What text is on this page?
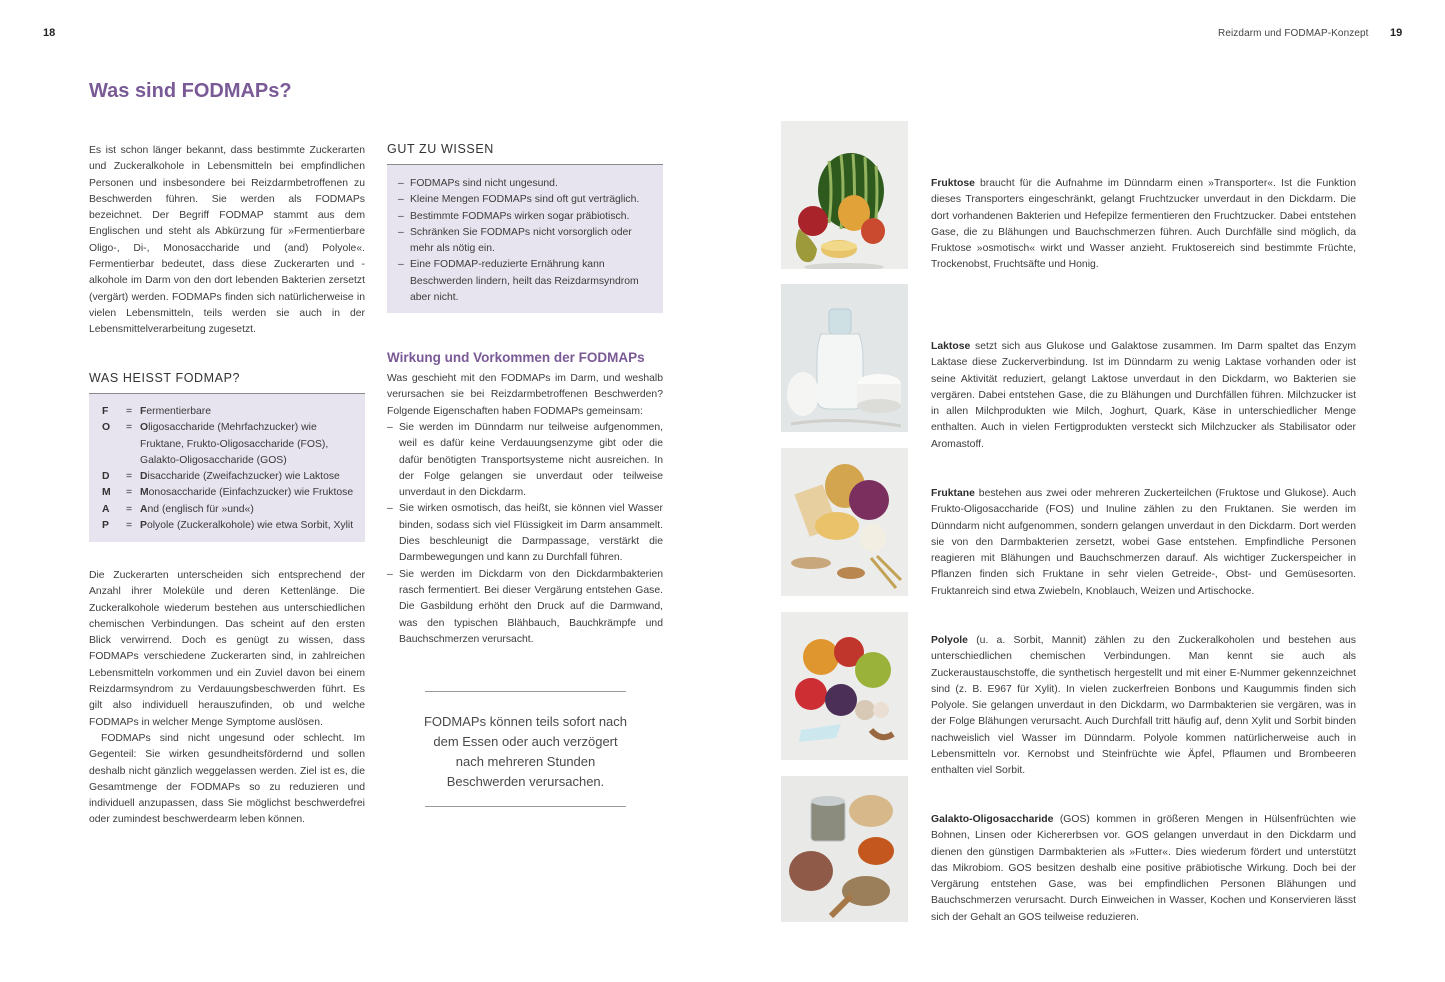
18	Reizdarm und FODMAP-Konzept 19
Was sind FODMAPs?
Es ist schon länger bekannt, dass bestimmte Zuckerarten und Zuckeralkohole in Lebensmitteln bei empfindlichen Personen und insbesondere bei Reizdarmbetroffenen zu Beschwerden führen. Sie werden als FODMAPs bezeichnet. Der Begriff FODMAP stammt aus dem Englischen und steht als Abkürzung für »Fermentierbare Oligo-, Di-, Monosaccharide und (and) Polyole«. Fermentierbar bedeutet, dass diese Zuckerarten und -alkohole im Darm von den dort lebenden Bakterien zersetzt (vergärt) werden. FODMAPs finden sich natürlicherweise in vielen Lebensmitteln, teils werden sie auch in der Lebensmittelverarbeitung zugesetzt.
WAS HEISST FODMAP?
F	= Fermentierbare
O	= Oligosaccharide (Mehrfachzucker) wie
Fruktane, Frukto-Oligosaccharide (FOS),
Galakto-Oligosaccharide (GOS)
D	= Disaccharide (Zweifachzucker) wie Laktose
M	= Monosaccharide (Einfachzucker) wie Fruktose
A	= And (englisch für »und«)
P	= Polyole (Zuckeralkohole) wie etwa Sorbit, Xylit
Die Zuckerarten unterscheiden sich entsprechend der Anzahl ihrer Moleküle und deren Kettenlänge. Die Zuckeralkohole wiederum bestehen aus unterschiedlichen chemischen Verbindungen. Das scheint auf den ersten Blick verwirrend. Doch es genügt zu wissen, dass FODMAPs verschiedene Zuckerarten sind, in zahlreichen Lebensmitteln vorkommen und ein Zuviel davon bei einem Reizdarmsyndrom zu Verdauungsbeschwerden führt. Es gilt also individuell herauszufinden, ob und welche FODMAPs in welcher Menge Symptome auslösen.
FODMAPs sind nicht ungesund oder schlecht. Im Gegenteil: Sie wirken gesundheitsfördernd und sollen deshalb nicht gänzlich weggelassen werden. Ziel ist es, die Gesamtmenge der FODMAPs so zu reduzieren und individuell anzupassen, dass Sie möglichst beschwerdefrei oder zumindest beschwerdearm leben können.
GUT ZU WISSEN
– FODMAPs sind nicht ungesund.
– Kleine Mengen FODMAPs sind oft gut verträglich.
– Bestimmte FODMAPs wirken sogar präbiotisch.
– Schränken Sie FODMAPs nicht vorsorglich oder mehr als nötig ein.
– Eine FODMAP-reduzierte Ernährung kann Beschwerden lindern, heilt das Reizdarmsyndrom aber nicht.
Wirkung und Vorkommen der FODMAPs
Was geschieht mit den FODMAPs im Darm, und weshalb verursachen sie bei Reizdarmbetroffenen Beschwerden? Folgende Eigenschaften haben FODMAPs gemeinsam:
– Sie werden im Dünndarm nur teilweise aufgenommen, weil es dafür keine Verdauungsenzyme gibt oder die dafür benötigten Transportsysteme nicht ausreichen. In der Folge gelangen sie unverdaut oder teilweise unverdaut in den Dickdarm.
– Sie wirken osmotisch, das heißt, sie können viel Wasser binden, sodass sich viel Flüssigkeit im Darm ansammelt. Dies beschleunigt die Darmpassage, verstärkt die Darmbewegungen und kann zu Durchfall führen.
– Sie werden im Dickdarm von den Dickdarmbakterien rasch fermentiert. Bei dieser Vergärung entstehen Gase. Die Gasbildung erhöht den Druck auf die Darmwand, was den typischen Blähbauch, Bauchkrämpfe und Bauchschmerzen verursacht.
FODMAPs können teils sofort nach dem Essen oder auch verzögert nach mehreren Stunden Beschwerden verursachen.
Fruktose braucht für die Aufnahme im Dünndarm einen »Transporter«. Ist die Funktion dieses Transporters eingeschränkt, gelangt Fruchtzucker unverdaut in den Dickdarm. Die dort vorhandenen Bakterien und Hefepilze fermentieren den Fruchtzucker. Dabei entstehen Gase, die zu Blähungen und Bauchschmerzen führen. Auch Durchfälle sind möglich, da Fruktose »osmotisch« wirkt und Wasser anzieht. Fruktosereich sind bestimmte Früchte, Trockenobst, Fruchtsäfte und Honig.
Laktose setzt sich aus Glukose und Galaktose zusammen. Im Darm spaltet das Enzym Laktase diese Zuckerverbindung. Ist im Dünndarm zu wenig Laktase vorhanden oder ist seine Aktivität reduziert, gelangt Laktose unverdaut in den Dickdarm, wo Bakterien sie vergären. Dabei entstehen Gase, die zu Blähungen und Durchfällen führen. Milchzucker ist in allen Milchprodukten wie Milch, Joghurt, Quark, Käse in unterschiedlicher Menge enthalten. Auch in vielen Fertigprodukten versteckt sich Milchzucker als Stabilisator oder Aromastoff.
Fruktane bestehen aus zwei oder mehreren Zuckerteilchen (Fruktose und Glukose). Auch Frukto-Oligosaccharide (FOS) und Inuline zählen zu den Fruktanen. Sie werden im Dünndarm nicht aufgenommen, sondern gelangen unverdaut in den Dickdarm. Dort werden sie von den Darmbakterien zersetzt, wobei Gase entstehen. Empfindliche Personen reagieren mit Blähungen und Bauchschmerzen darauf. Als wichtiger Zuckerspeicher in Pflanzen finden sich Fruktane in sehr vielen Getreide-, Obst- und Gemüsesorten. Fruktanreich sind etwa Zwiebeln, Knoblauch, Weizen und Artischocke.
Polyole (u. a. Sorbit, Mannit) zählen zu den Zuckeralkoholen und bestehen aus unterschiedlichen chemischen Verbindungen. Man kennt sie auch als Zuckeraustauschstoffe, die synthetisch hergestellt und mit einer E-Nummer gekennzeichnet sind (z. B. E967 für Xylit). In vielen zuckerfreien Bonbons und Kaugummis finden sich Polyole. Sie gelangen unverdaut in den Dickdarm, wo Darmbakterien sie vergären, was in der Folge Blähungen verursacht. Auch Durchfall tritt häufig auf, denn Xylit und Sorbit binden nachweislich viel Wasser im Dünndarm. Polyole kommen natürlicherweise auch in Lebensmitteln vor. Kernobst und Steinfrüchte wie Äpfel, Pflaumen und Brombeeren enthalten viel Sorbit.
Galakto-Oligosaccharide (GOS) kommen in größeren Mengen in Hülsenfrüchten wie Bohnen, Linsen oder Kichererbsen vor. GOS gelangen unverdaut in den Dickdarm und dienen den günstigen Darmbakterien als »Futter«. Dies wiederum fördert und unterstützt das Mikrobiom. GOS besitzen deshalb eine positive präbiotische Wirkung. Doch bei der Vergärung entstehen Gase, was bei empfindlichen Personen Blähungen und Bauchschmerzen verursacht. Durch Einweichen in Wasser, Kochen und Konservieren lässt sich der Gehalt an GOS teilweise reduzieren.
